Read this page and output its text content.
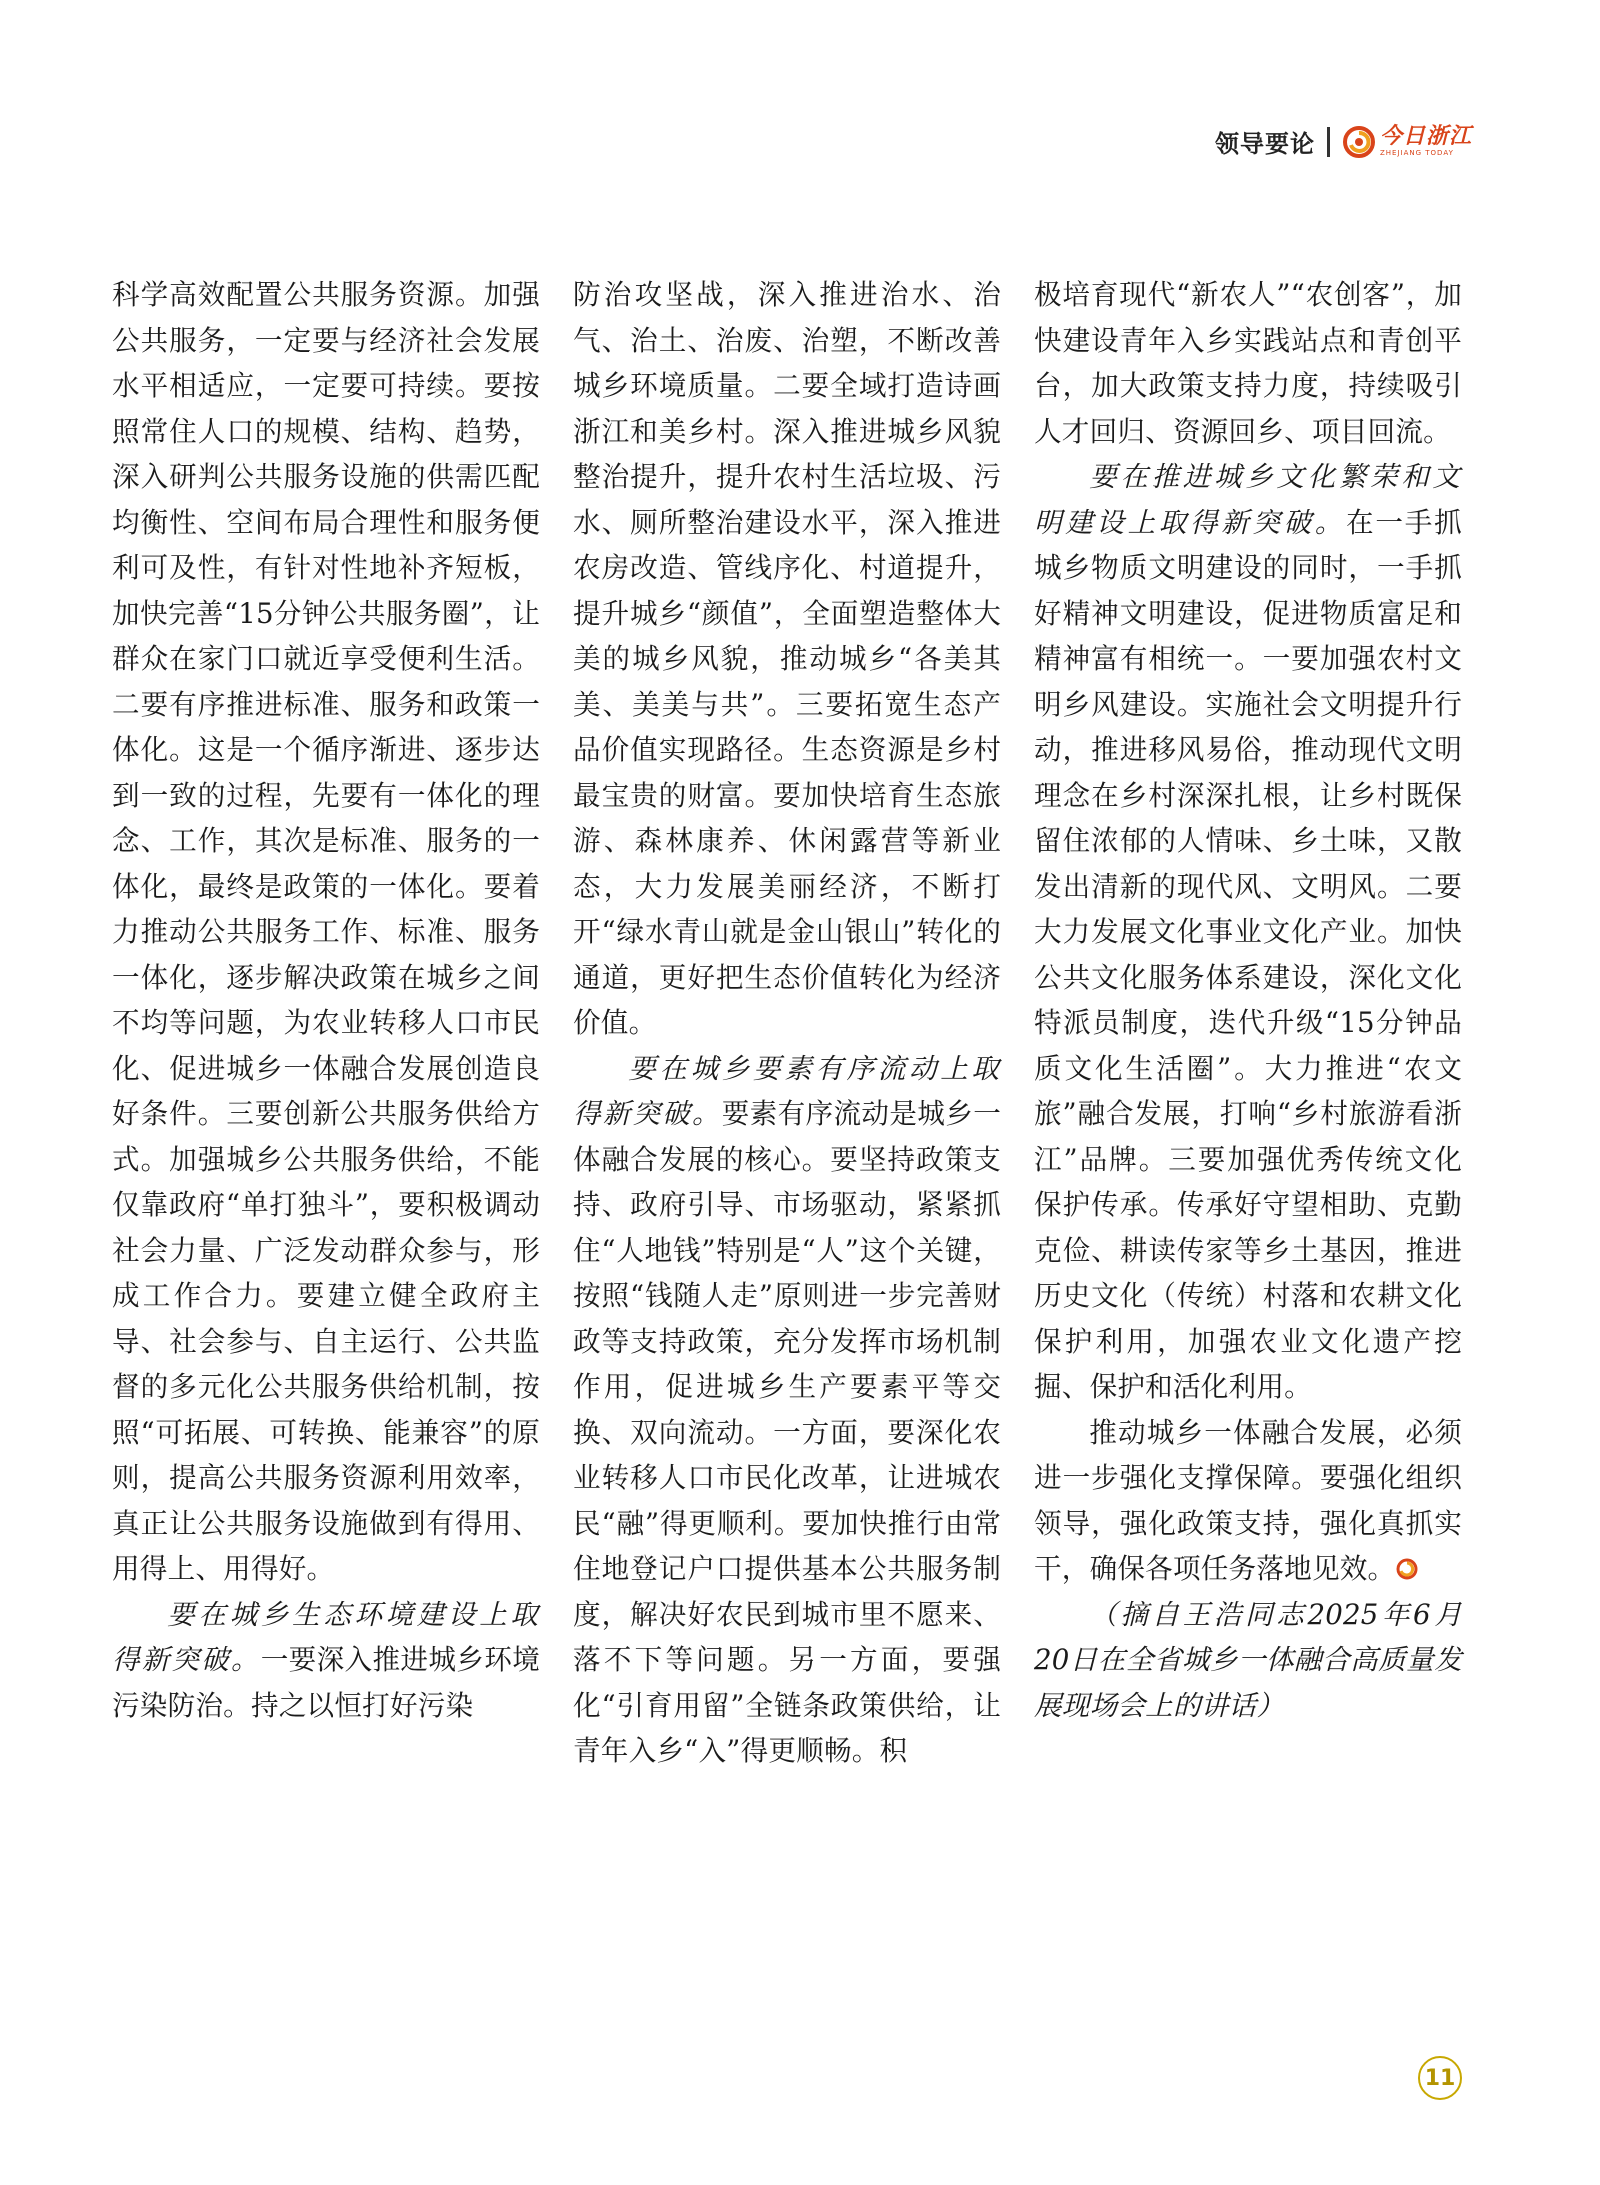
领导要论	今日浙江
ZHEJIANG TODAY

科学高效配置公共服务资源。加强公共服务，一定要与经济社会发展水平相适应，一定要可持续。要按照常住人口的规模、结构、趋势，深入研判公共服务设施的供需匹配均衡性、空间布局合理性和服务便利可及性，有针对性地补齐短板，加快完善“15分钟公共服务圈”，让群众在家门口就近享受便利生活。二要有序推进标准、服务和政策一体化。这是一个循序渐进、逐步达到一致的过程，先要有一体化的理念、工作，其次是标准、服务的一体化，最终是政策的一体化。要着力推动公共服务工作、标准、服务一体化，逐步解决政策在城乡之间不均等问题，为农业转移人口市民化、促进城乡一体融合发展创造良好条件。三要创新公共服务供给方式。加强城乡公共服务供给，不能仅靠政府“单打独斗”，要积极调动社会力量、广泛发动群众参与，形成工作合力。要建立健全政府主导、社会参与、自主运行、公共监督的多元化公共服务供给机制，按照“可拓展、可转换、能兼容”的原则，提高公共服务资源利用效率，真正让公共服务设施做到有得用、用得上、用得好。

要在城乡生态环境建设上取得新突破。一要深入推进城乡环境污染防治。持之以恒打好污染

防治攻坚战，深入推进治水、治气、治土、治废、治塑，不断改善城乡环境质量。二要全域打造诗画浙江和美乡村。深入推进城乡风貌整治提升，提升农村生活垃圾、污水、厕所整治建设水平，深入推进农房改造、管线序化、村道提升，提升城乡“颜值”，全面塑造整体大美的城乡风貌，推动城乡“各美其美、美美与共”。三要拓宽生态产品价值实现路径。生态资源是乡村最宝贵的财富。要加快培育生态旅游、森林康养、休闲露营等新业态，大力发展美丽经济，不断打开“绿水青山就是金山银山”转化的通道，更好把生态价值转化为经济价值。

要在城乡要素有序流动上取得新突破。要素有序流动是城乡一体融合发展的核心。要坚持政策支持、政府引导、市场驱动，紧紧抓住“人地钱”特别是“人”这个关键，按照“钱随人走”原则进一步完善财政等支持政策，充分发挥市场机制作用，促进城乡生产要素平等交换、双向流动。一方面，要深化农业转移人口市民化改革，让进城农民“融”得更顺利。要加快推行由常住地登记户口提供基本公共服务制度，解决好农民到城市里不愿来、落不下等问题。另一方面，要强化“引育用留”全链条政策供给，让青年入乡“入”得更顺畅。积

极培育现代“新农人”“农创客”，加快建设青年入乡实践站点和青创平台，加大政策支持力度，持续吸引人才回归、资源回乡、项目回流。

要在推进城乡文化繁荣和文明建设上取得新突破。在一手抓城乡物质文明建设的同时，一手抓好精神文明建设，促进物质富足和精神富有相统一。一要加强农村文明乡风建设。实施社会文明提升行动，推进移风易俗，推动现代文明理念在乡村深深扎根，让乡村既保留住浓郁的人情味、乡土味，又散发出清新的现代风、文明风。二要大力发展文化事业文化产业。加快公共文化服务体系建设，深化文化特派员制度，迭代升级“15分钟品质文化生活圈”。大力推进“农文旅”融合发展，打响“乡村旅游看浙江”品牌。三要加强优秀传统文化保护传承。传承好守望相助、克勤克俭、耕读传家等乡土基因，推进历史文化（传统）村落和农耕文化保护利用，加强农业文化遗产挖掘、保护和活化利用。

推动城乡一体融合发展，必须进一步强化支撑保障。要强化组织领导，强化政策支持，强化真抓实干，确保各项任务落地见效。

（摘自王浩同志2025年6月20日在全省城乡一体融合高质量发展现场会上的讲话）

11
